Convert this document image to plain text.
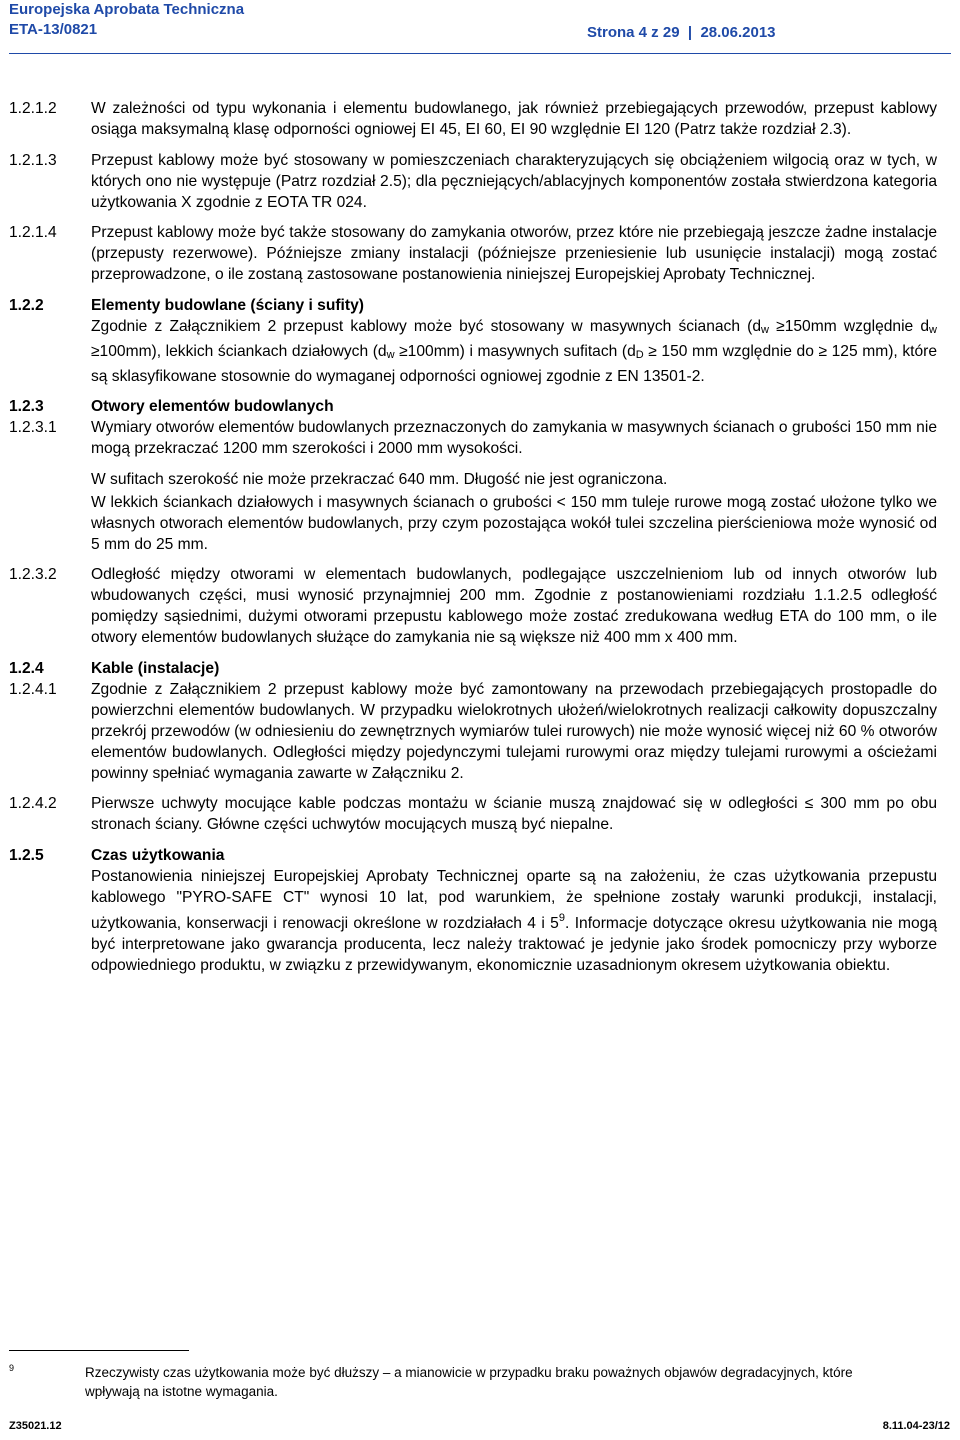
Europejska Aprobata Techniczna
ETA-13/0821	Strona 4 z 29  |  28.06.2013
1.2.1.2 W zależności od typu wykonania i elementu budowlanego, jak również przebiegających przewodów, przepust kablowy osiąga maksymalną klasę odporności ogniowej EI 45, EI 60, EI 90 względnie EI 120 (Patrz także rozdział 2.3).
1.2.1.3 Przepust kablowy może być stosowany w pomieszczeniach charakteryzujących się obciążeniem wilgocią oraz w tych, w których ono nie występuje (Patrz rozdział 2.5); dla pęczniejących/ablacyjnych komponentów została stwierdzona kategoria użytkowania X zgodnie z EOTA TR 024.
1.2.1.4 Przepust kablowy może być także stosowany do zamykania otworów, przez które nie przebiegają jeszcze żadne instalacje (przepusty rezerwowe). Późniejsze zmiany instalacji (późniejsze przeniesienie lub usunięcie instalacji) mogą zostać przeprowadzone, o ile zostaną zastosowane postanowienia niniejszej Europejskiej Aprobaty Technicznej.
1.2.2	Elementy budowlane (ściany i sufity)
Zgodnie z Załącznikiem 2 przepust kablowy może być stosowany w masywnych ścianach (dw ≥150mm względnie dw ≥100mm), lekkich ściankach działowych (dw ≥100mm) i masywnych sufitach (dD ≥ 150 mm względnie do ≥ 125 mm), które są sklasyfikowane stosownie do wymaganej odporności ogniowej zgodnie z EN 13501-2.
1.2.3	Otwory elementów budowlanych
1.2.3.1 Wymiary otworów elementów budowlanych przeznaczonych do zamykania w masywnych ścianach o grubości 150 mm nie mogą przekraczać 1200 mm szerokości i 2000 mm wysokości.
W sufitach szerokość nie może przekraczać 640 mm. Długość nie jest ograniczona.
W lekkich ściankach działowych i masywnych ścianach o grubości < 150 mm tuleje rurowe mogą zostać ułożone tylko we własnych otworach elementów budowlanych, przy czym pozostająca wokół tulei szczelina pierścieniowa może wynosić od 5 mm do 25 mm.
1.2.3.2 Odległość między otworami w elementach budowlanych, podlegające uszczelnieniom lub od innych otworów lub wbudowanych części, musi wynosić przynajmniej 200 mm. Zgodnie z postanowieniami rozdziału 1.1.2.5 odległość pomiędzy sąsiednimi, dużymi otworami przepustu kablowego może zostać zredukowana według ETA do 100 mm, o ile otwory elementów budowlanych służące do zamykania nie są większe niż 400 mm x 400 mm.
1.2.4	Kable (instalacje)
1.2.4.1 Zgodnie z Załącznikiem 2 przepust kablowy może być zamontowany na przewodach przebiegających prostopadle do powierzchni elementów budowlanych. W przypadku wielokrotnych ułożeń/wielokrotnych realizacji całkowity dopuszczalny przekrój przewodów (w odniesieniu do zewnętrznych wymiarów tulei rurowych) nie może wynosić więcej niż 60 % otworów elementów budowlanych. Odległości między pojedynczymi tulejami rurowymi oraz między tulejami rurowymi a ościeżami powinny spełniać wymagania zawarte w Załączniku 2.
1.2.4.2 Pierwsze uchwyty mocujące kable podczas montażu w ścianie muszą znajdować się w odległości ≤ 300 mm po obu stronach ściany. Główne części uchwytów mocujących muszą być niepalne.
1.2.5	Czas użytkowania
Postanowienia niniejszej Europejskiej Aprobaty Technicznej oparte są na założeniu, że czas użytkowania przepustu kablowego "PYRO-SAFE CT" wynosi 10 lat, pod warunkiem, że spełnione zostały warunki produkcji, instalacji, użytkowania, konserwacji i renowacji określone w rozdziałach 4 i $5^9$. Informacje dotyczące okresu użytkowania nie mogą być interpretowane jako gwarancja producenta, lecz należy traktować je jedynie jako środek pomocniczy przy wyborze odpowiedniego produktu, w związku z przewidywanym, ekonomicznie uzasadnionym okresem użytkowania obiektu.
9	Rzeczywisty czas użytkowania może być dłuższy – a mianowicie w przypadku braku poważnych objawów degradacyjnych, które wpływają na istotne wymagania.
Z35021.12	8.11.04-23/12
